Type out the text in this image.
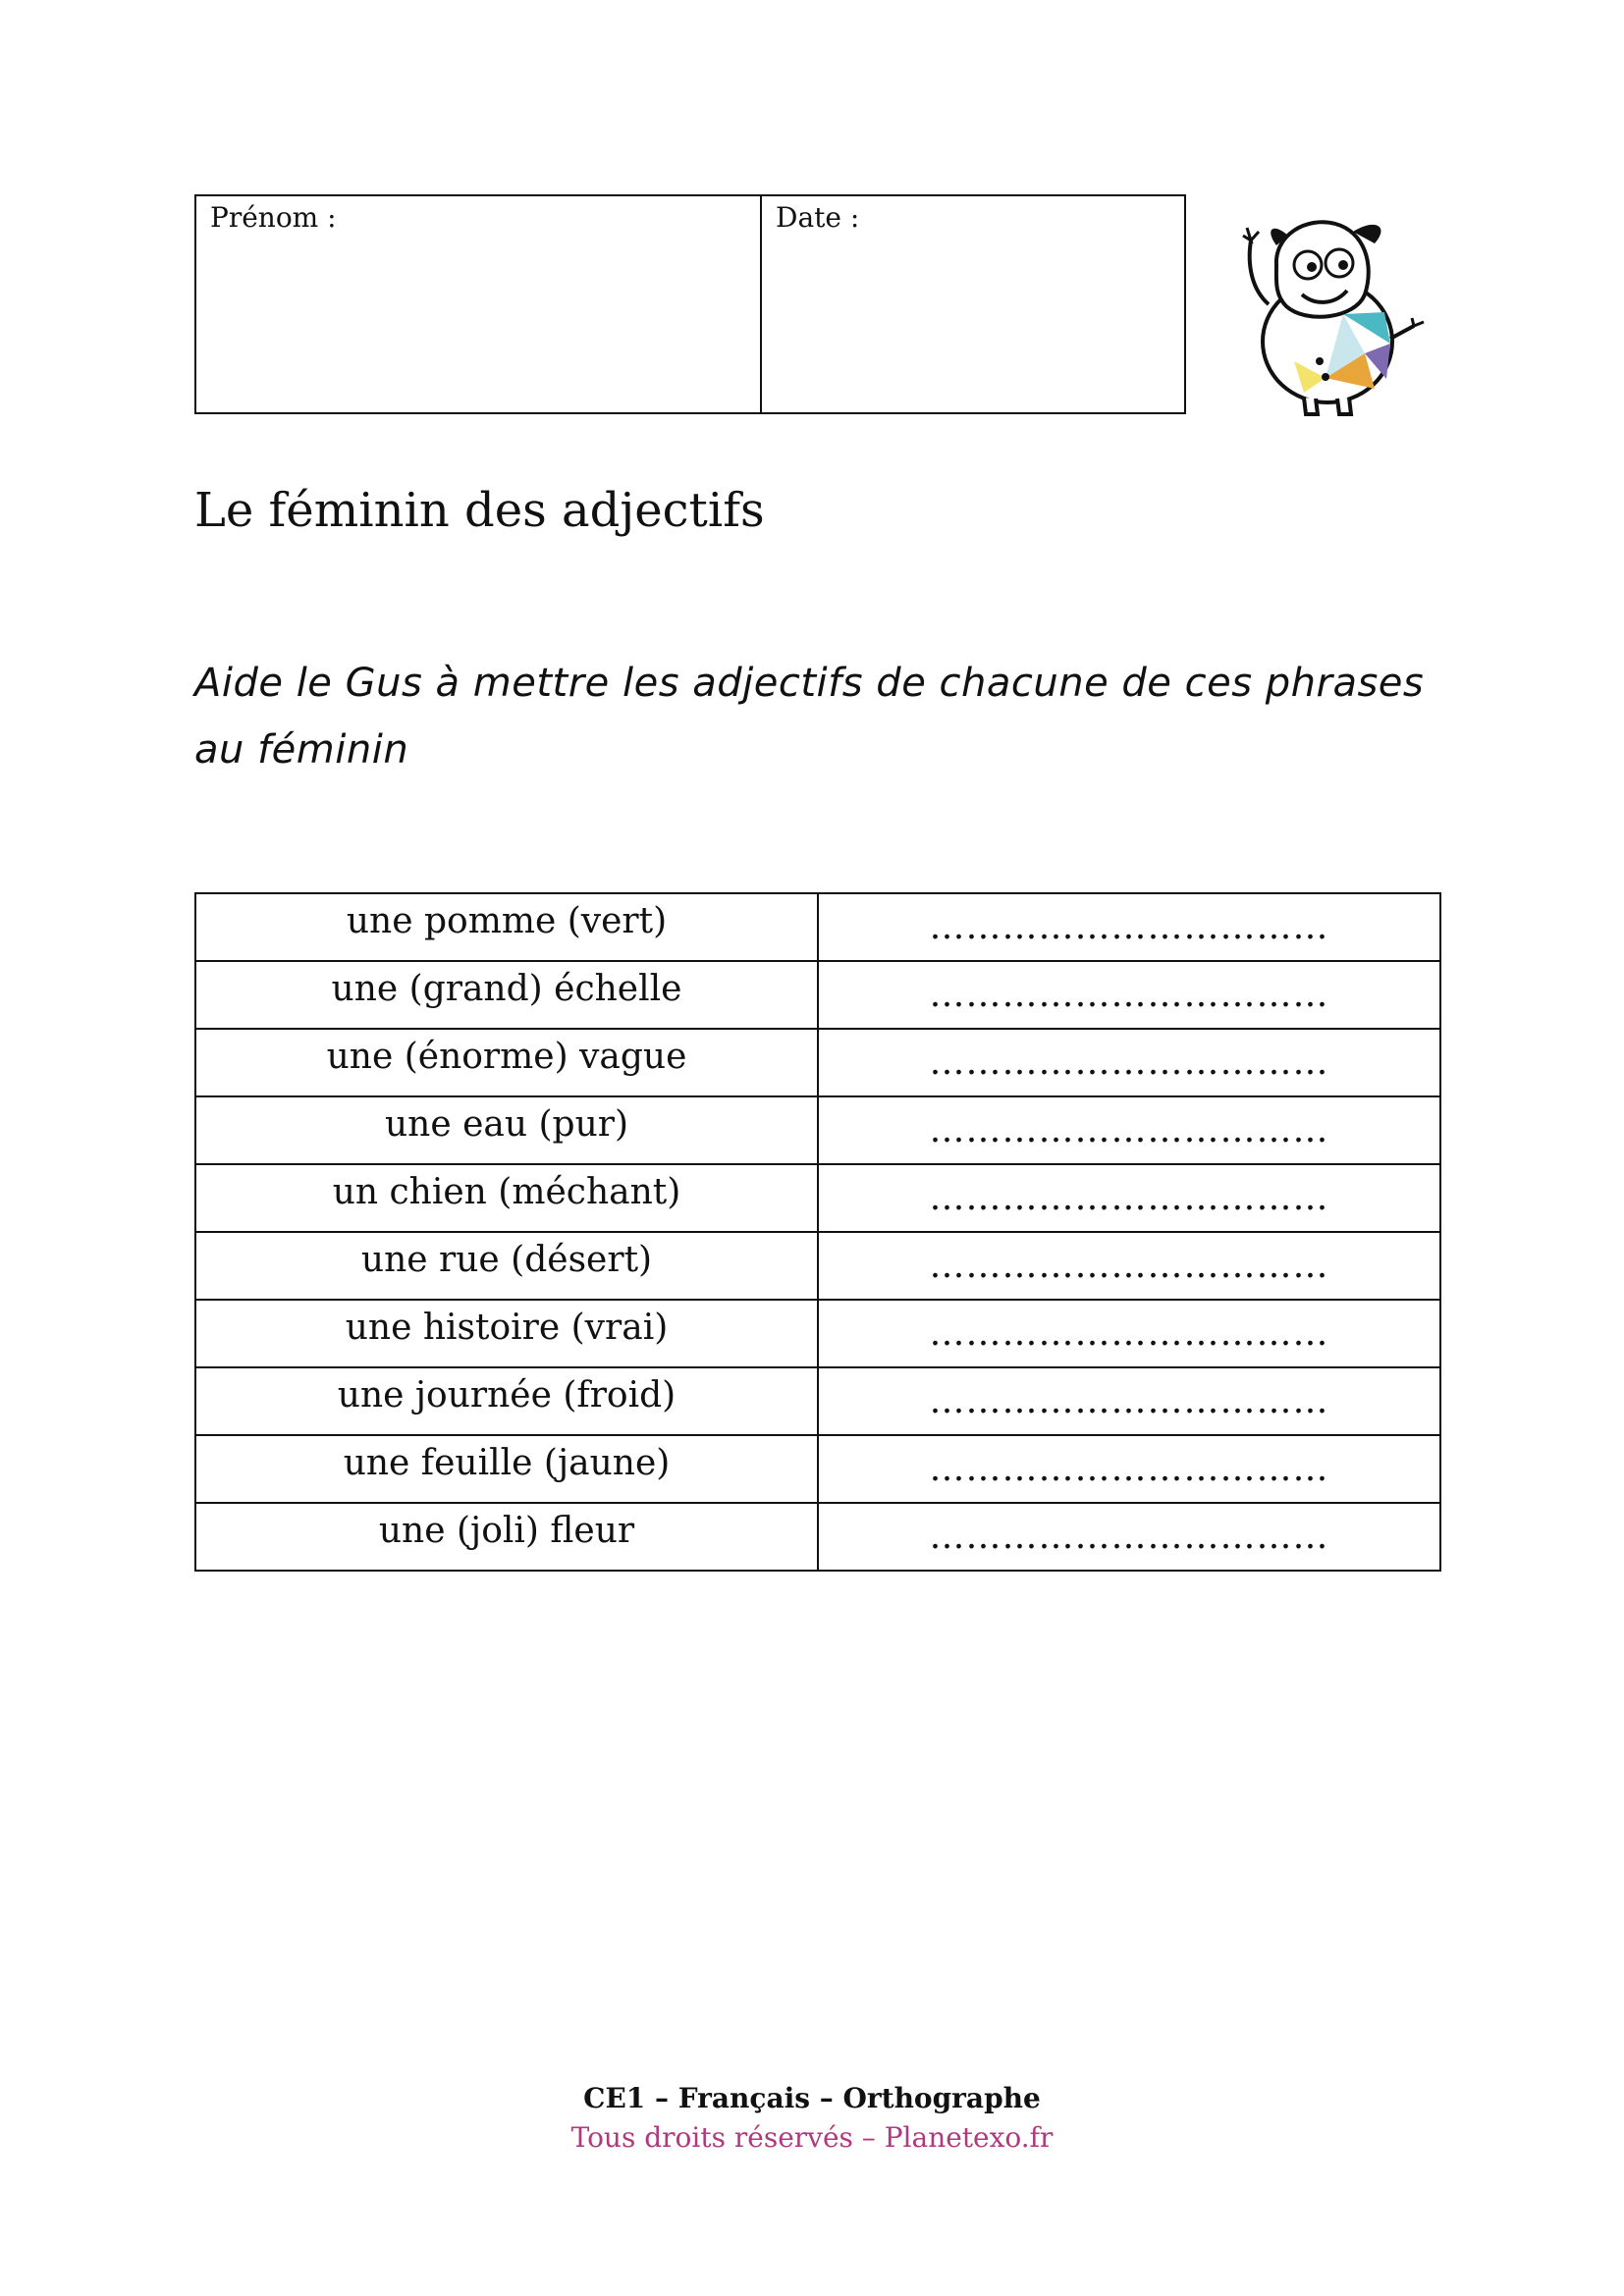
Prénom :	Date :
Le féminin des adjectifs

Aide le Gus à mettre les adjectifs de chacune de ces phrases au féminin

une pomme (vert)	……………………………
une (grand) échelle	……………………………
une (énorme) vague	……………………………
une eau (pur)	……………………………
un chien (méchant)	……………………………
une rue (désert)	……………………………
une histoire (vrai)	……………………………
une journée (froid)	……………………………
une feuille (jaune)	……………………………
une (joli) fleur	……………………………
CE1 – Français – Orthographe
Tous droits réservés – Planetexo.fr
